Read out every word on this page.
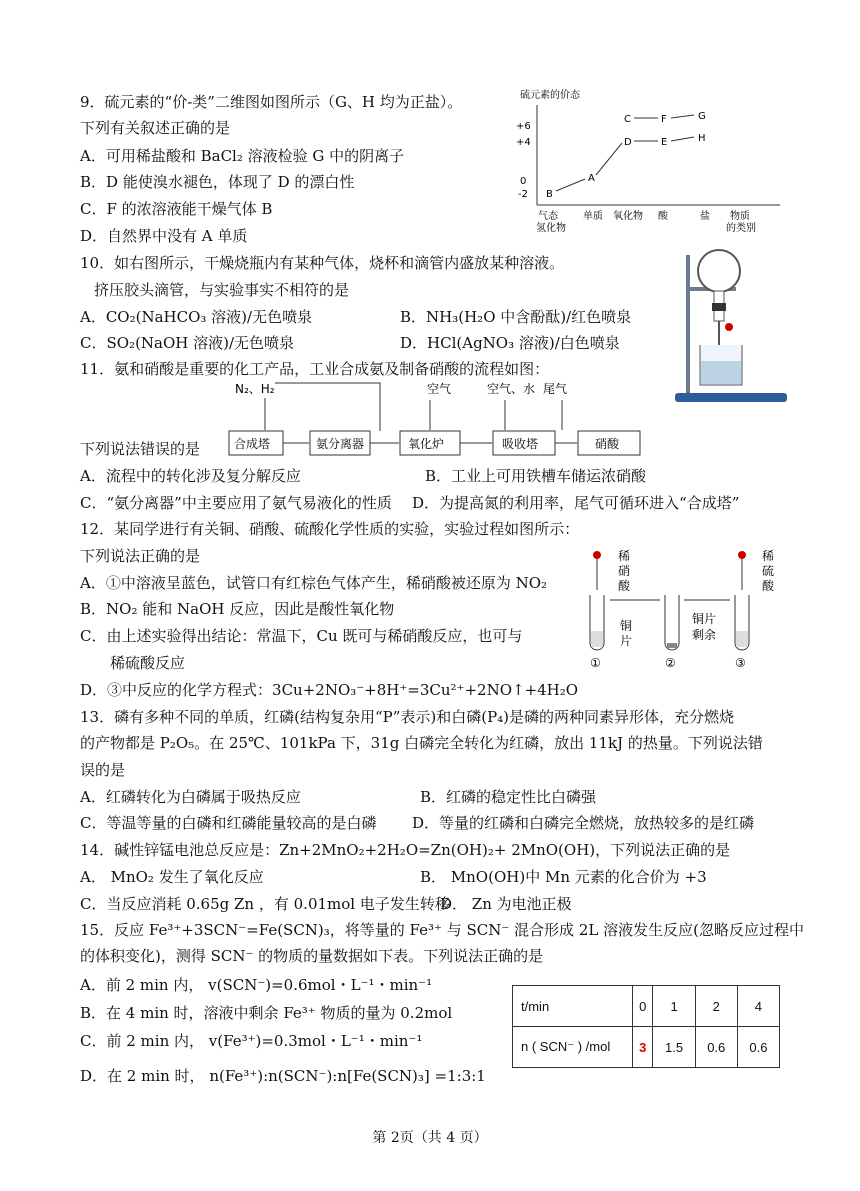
9．硫元素的“价-类”二维图如图所示（G、H 均为正盐）。
下列有关叙述正确的是
A．可用稀盐酸和 BaCl₂ 溶液检验 G 中的阴离子
B．D 能使溴水褪色，体现了 D 的漂白性
C．F 的浓溶液能干燥气体 B
D．自然界中没有 A 单质
硫元素的价态
+6
+4
0
-2
气态
氢化物
单质 氧化物 酸	盐 物质
的类别
B
A
D
C
E
F
H
G
10．如右图所示，干燥烧瓶内有某种气体，烧杯和滴管内盛放某种溶液。
挤压胶头滴管，与实验事实不相符的是
A．CO₂(NaHCO₃ 溶液)/无色喷泉	B．NH₃(H₂O 中含酚酞)/红色喷泉
C．SO₂(NaOH 溶液)/无色喷泉	D．HCl(AgNO₃ 溶液)/白色喷泉
11．氨和硝酸是重要的化工产品，工业合成氨及制备硝酸的流程如图：
下列说法错误的是
N₂、H₂	空气	空气、水 尾气
合成塔	氨分离器	氧化炉	吸收塔	硝酸
A．流程中的转化涉及复分解反应	B．工业上可用铁槽车储运浓硝酸
C．“氨分离器”中主要应用了氨气易液化的性质 D．为提高氮的利用率，尾气可循环进入“合成塔”
12．某同学进行有关铜、硝酸、硫酸化学性质的实验，实验过程如图所示：
下列说法正确的是
A．①中溶液呈蓝色，试管口有红棕色气体产生，稀硝酸被还原为 NO₂
B．NO₂ 能和 NaOH 反应，因此是酸性氧化物
C．由上述实验得出结论：常温下，Cu 既可与稀硝酸反应，也可与
稀硫酸反应
D．③中反应的化学方程式：3Cu+2NO₃⁻+8H⁺=3Cu²⁺+2NO↑+4H₂O
稀
硝
酸
稀
硫
酸
铜
片
铜片
剩余
①	②	③
13．磷有多种不同的单质，红磷(结构复杂用“P”表示)和白磷(P₄)是磷的两种同素异形体，充分燃烧
的产物都是 P₂O₅。在 25℃、101kPa 下，31g 白磷完全转化为红磷，放出 11kJ 的热量。下列说法错
误的是
A．红磷转化为白磷属于吸热反应	B．红磷的稳定性比白磷强
C．等温等量的白磷和红磷能量较高的是白磷 D．等量的红磷和白磷完全燃烧，放热较多的是红磷
14．碱性锌锰电池总反应是：Zn+2MnO₂+2H₂O=Zn(OH)₂+ 2MnO(OH)，下列说法正确的是
A． MnO₂ 发生了氧化反应	B． MnO(OH)中 Mn 元素的化合价为 +3
C．当反应消耗 0.65g Zn ，有 0.01mol 电子发生转移
D． Zn 为电池正极
15．反应 Fe³⁺+3SCN⁻=Fe(SCN)₃，将等量的 Fe³⁺ 与 SCN⁻ 混合形成 2L 溶液发生反应(忽略反应过程中
的体积变化)，测得 SCN⁻ 的物质的量数据如下表。下列说法正确的是
A．前 2 min 内， v(SCN⁻)=0.6mol・L⁻¹・min⁻¹
B．在 4 min 时，溶液中剩余 Fe³⁺ 物质的量为 0.2mol
C．前 2 min 内， v(Fe³⁺)=0.3mol・L⁻¹・min⁻¹
D．在 2 min 时， n(Fe³⁺):n(SCN⁻):n[Fe(SCN)₃] =1:3:1
t/min	0	1	2	4
n ( SCN⁻ ) /mol	3	1.5	0.6	0.6
第 2页（共 4 页）
